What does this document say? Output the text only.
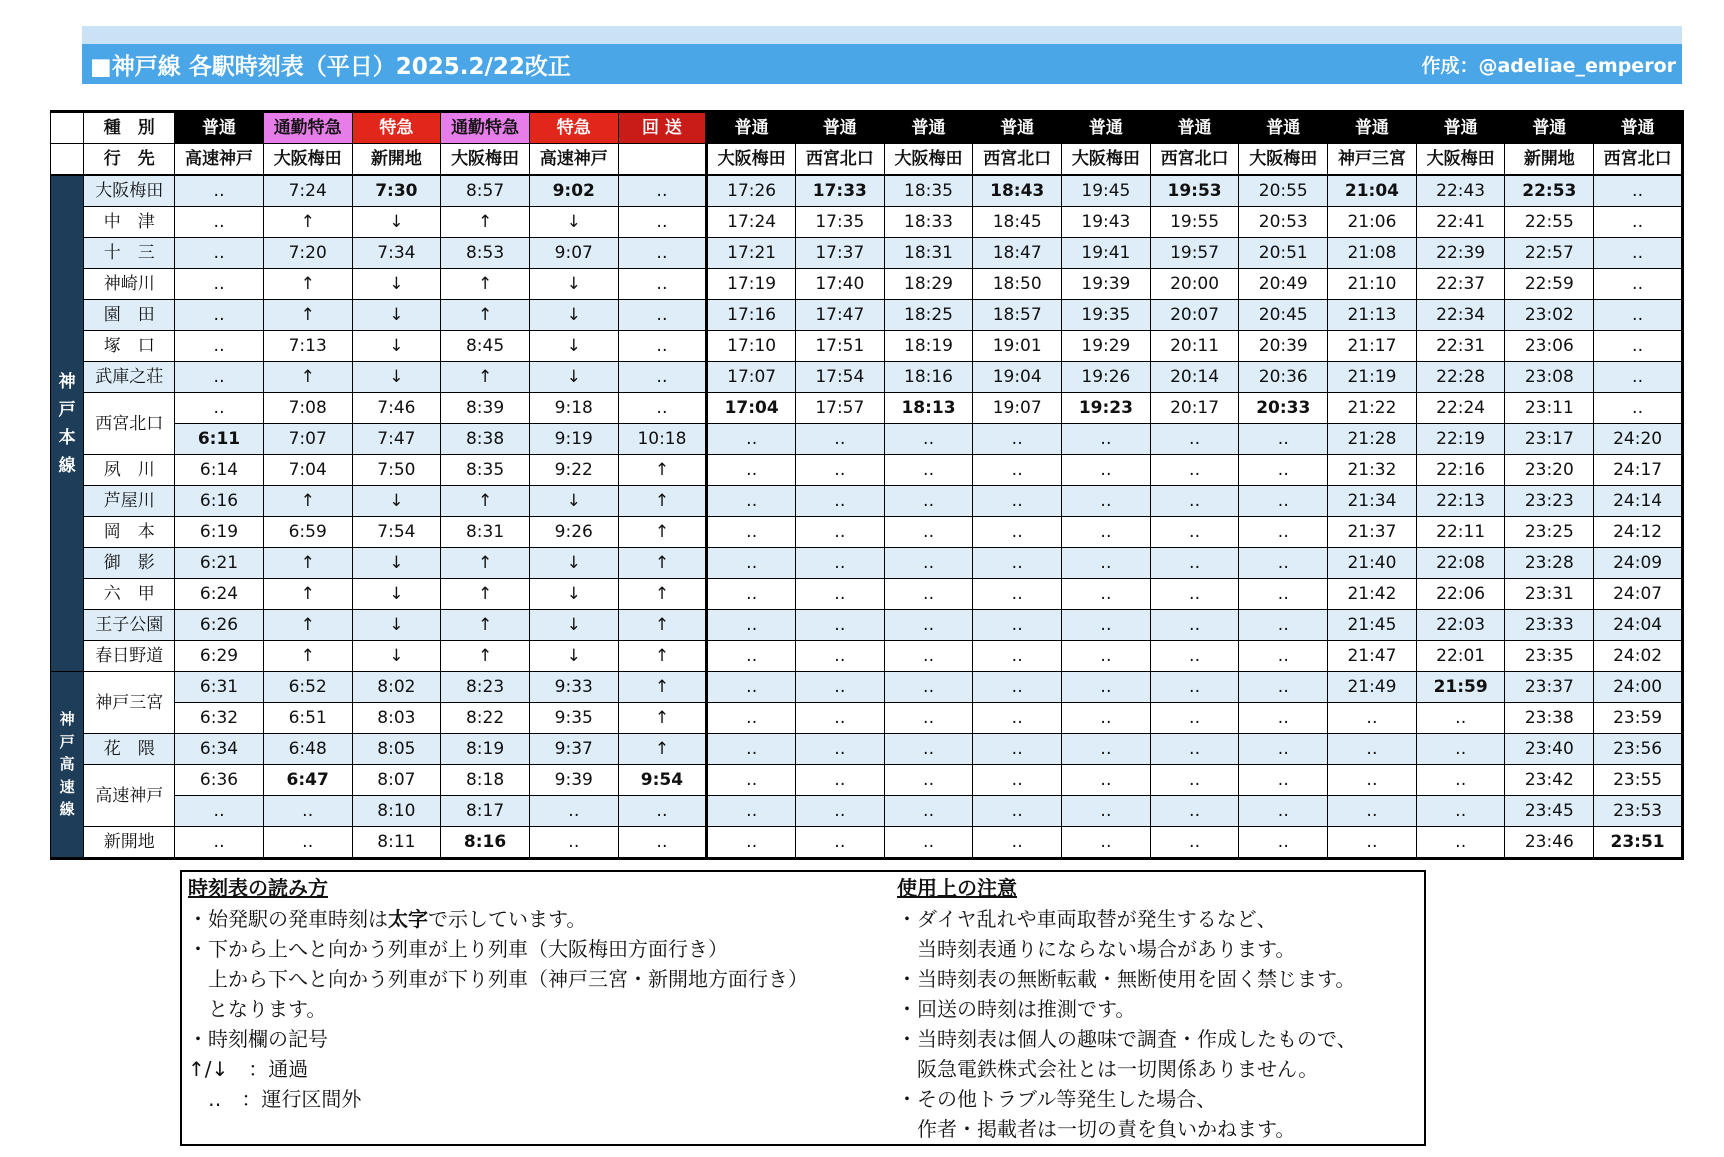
■神戸線 各駅時刻表（平日）2025.2/22改正	作成：@adeliae_emperor
	種　別	普通	通勤特急	特急	通勤特急	特急	回 送	普通	普通	普通	普通	普通	普通	普通	普通	普通	普通	普通
	行　先	高速神戸	大阪梅田	新開地	大阪梅田	高速神戸		大阪梅田	西宮北口	大阪梅田	西宮北口	大阪梅田	西宮北口	大阪梅田	神戸三宮	大阪梅田	新開地	西宮北口

神
戸
本
線	大阪梅田	‥	7:24	7:30	8:57	9:02	‥	17:26	17:33	18:35	18:43	19:45	19:53	20:55	21:04	22:43	22:53	‥
	中　津	‥	↑	↓	↑	↓	‥	17:24	17:35	18:33	18:45	19:43	19:55	20:53	21:06	22:41	22:55	‥
	十　三	‥	7:20	7:34	8:53	9:07	‥	17:21	17:37	18:31	18:47	19:41	19:57	20:51	21:08	22:39	22:57	‥
	神崎川	‥	↑	↓	↑	↓	‥	17:19	17:40	18:29	18:50	19:39	20:00	20:49	21:10	22:37	22:59	‥
	園　田	‥	↑	↓	↑	↓	‥	17:16	17:47	18:25	18:57	19:35	20:07	20:45	21:13	22:34	23:02	‥
	塚　口	‥	7:13	↓	8:45	↓	‥	17:10	17:51	18:19	19:01	19:29	20:11	20:39	21:17	22:31	23:06	‥
	武庫之荘	‥	↑	↓	↑	↓	‥	17:07	17:54	18:16	19:04	19:26	20:14	20:36	21:19	22:28	23:08	‥
	西宮北口	‥	7:08	7:46	8:39	9:18	‥	17:04	17:57	18:13	19:07	19:23	20:17	20:33	21:22	22:24	23:11	‥
		6:11	7:07	7:47	8:38	9:19	10:18	‥	‥	‥	‥	‥	‥	‥	21:28	22:19	23:17	24:20
	夙　川	6:14	7:04	7:50	8:35	9:22	↑	‥	‥	‥	‥	‥	‥	‥	21:32	22:16	23:20	24:17
	芦屋川	6:16	↑	↓	↑	↓	↑	‥	‥	‥	‥	‥	‥	‥	21:34	22:13	23:23	24:14
	岡　本	6:19	6:59	7:54	8:31	9:26	↑	‥	‥	‥	‥	‥	‥	‥	21:37	22:11	23:25	24:12
	御　影	6:21	↑	↓	↑	↓	↑	‥	‥	‥	‥	‥	‥	‥	21:40	22:08	23:28	24:09
	六　甲	6:24	↑	↓	↑	↓	↑	‥	‥	‥	‥	‥	‥	‥	21:42	22:06	23:31	24:07
	王子公園	6:26	↑	↓	↑	↓	↑	‥	‥	‥	‥	‥	‥	‥	21:45	22:03	23:33	24:04
	春日野道	6:29	↑	↓	↑	↓	↑	‥	‥	‥	‥	‥	‥	‥	21:47	22:01	23:35	24:02

神
戸
高
速
線	神戸三宮	6:31	6:52	8:02	8:23	9:33	↑	‥	‥	‥	‥	‥	‥	‥	21:49	21:59	23:37	24:00
		6:32	6:51	8:03	8:22	9:35	↑	‥	‥	‥	‥	‥	‥	‥	‥	‥	23:38	23:59
	花　隈	6:34	6:48	8:05	8:19	9:37	↑	‥	‥	‥	‥	‥	‥	‥	‥	‥	23:40	23:56
	高速神戸	6:36	6:47	8:07	8:18	9:39	9:54	‥	‥	‥	‥	‥	‥	‥	‥	‥	23:42	23:55
		‥	‥	8:10	8:17	‥	‥	‥	‥	‥	‥	‥	‥	‥	‥	‥	23:45	23:53
	新開地	‥	‥	8:11	8:16	‥	‥	‥	‥	‥	‥	‥	‥	‥	‥	‥	23:46	23:51
時刻表の読み方

・始発駅の発車時刻は太字で示しています。

・下から上へと向かう列車が上り列車（大阪梅田方面行き）

上から下へと向かう列車が下り列車（神戸三宮・新開地方面行き）

となります。

・時刻欄の記号

↑/↓　：通過

‥　：運行区間外

使用上の注意

・ダイヤ乱れや車両取替が発生するなど、

当時刻表通りにならない場合があります。

・当時刻表の無断転載・無断使用を固く禁じます。

・回送の時刻は推測です。

・当時刻表は個人の趣味で調査・作成したもので、

阪急電鉄株式会社とは一切関係ありません。

・その他トラブル等発生した場合、

作者・掲載者は一切の責を負いかねます。
